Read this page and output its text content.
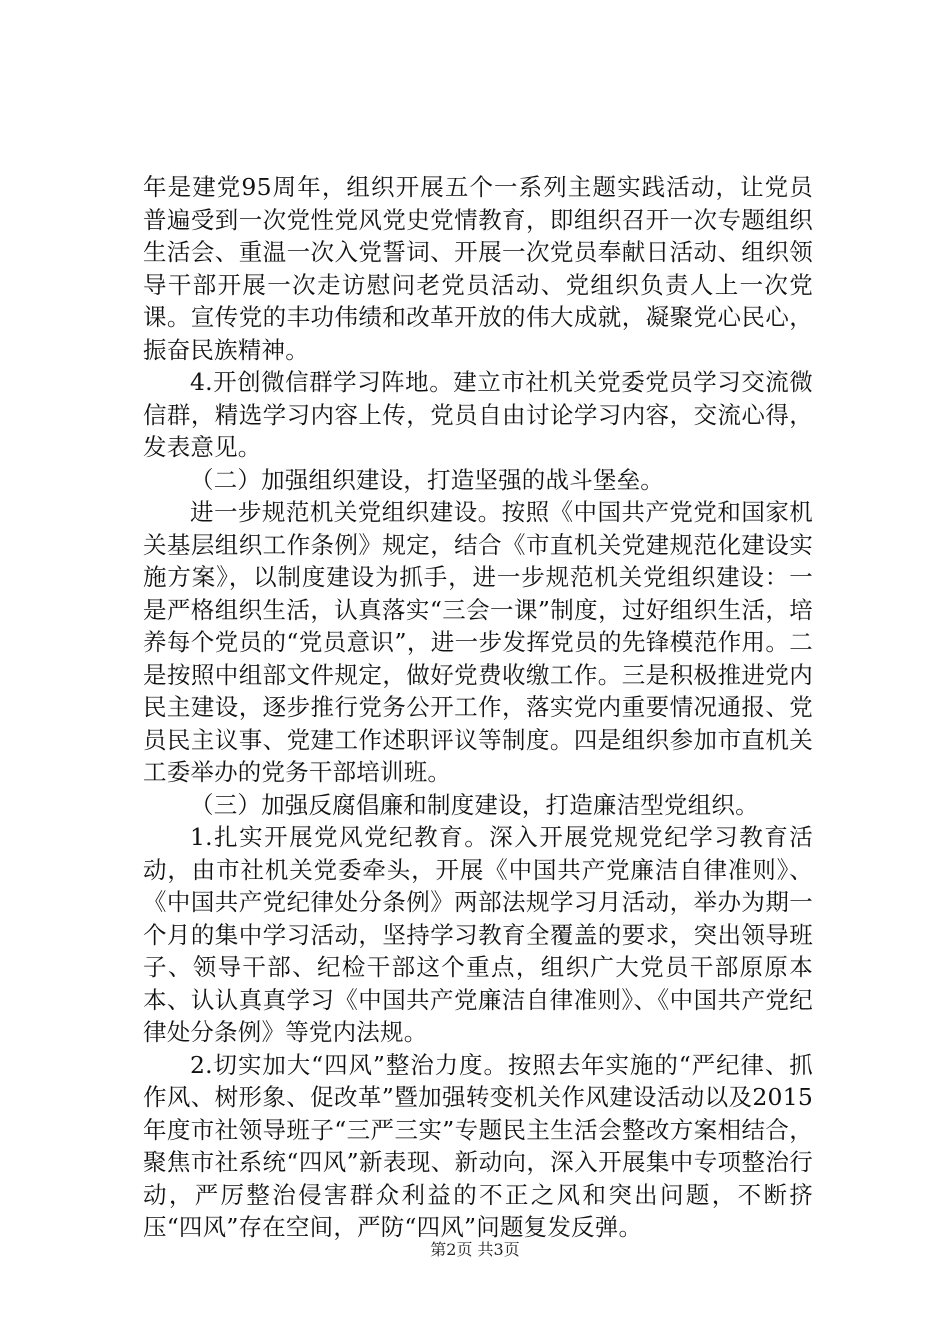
年是建党95周年，组织开展五个一系列主题实践活动，让党员普遍受到一次党性党风党史党情教育，即组织召开一次专题组织生活会、重温一次入党誓词、开展一次党员奉献日活动、组织领导干部开展一次走访慰问老党员活动、党组织负责人上一次党课。宣传党的丰功伟绩和改革开放的伟大成就，凝聚党心民心，振奋民族精神。

4.开创微信群学习阵地。建立市社机关党委党员学习交流微信群，精选学习内容上传，党员自由讨论学习内容，交流心得，发表意见。

（二）加强组织建设，打造坚强的战斗堡垒。

进一步规范机关党组织建设。按照《中国共产党党和国家机关基层组织工作条例》规定，结合《市直机关党建规范化建设实施方案》，以制度建设为抓手，进一步规范机关党组织建设：一是严格组织生活，认真落实“三会一课”制度，过好组织生活，培养每个党员的“党员意识”，进一步发挥党员的先锋模范作用。二是按照中组部文件规定，做好党费收缴工作。三是积极推进党内民主建设，逐步推行党务公开工作，落实党内重要情况通报、党员民主议事、党建工作述职评议等制度。四是组织参加市直机关工委举办的党务干部培训班。

（三）加强反腐倡廉和制度建设，打造廉洁型党组织。

1.扎实开展党风党纪教育。深入开展党规党纪学习教育活动，由市社机关党委牵头，开展《中国共产党廉洁自律准则》、《中国共产党纪律处分条例》两部法规学习月活动，举办为期一个月的集中学习活动，坚持学习教育全覆盖的要求，突出领导班子、领导干部、纪检干部这个重点，组织广大党员干部原原本本、认认真真学习《中国共产党廉洁自律准则》、《中国共产党纪律处分条例》等党内法规。

2.切实加大“四风”整治力度。按照去年实施的“严纪律、抓作风、树形象、促改革”暨加强转变机关作风建设活动以及2015年度市社领导班子“三严三实”专题民主生活会整改方案相结合，聚焦市社系统“四风”新表现、新动向，深入开展集中专项整治行动，严厉整治侵害群众利益的不正之风和突出问题，不断挤压“四风”存在空间，严防“四风”问题复发反弹。

第2页 共3页
